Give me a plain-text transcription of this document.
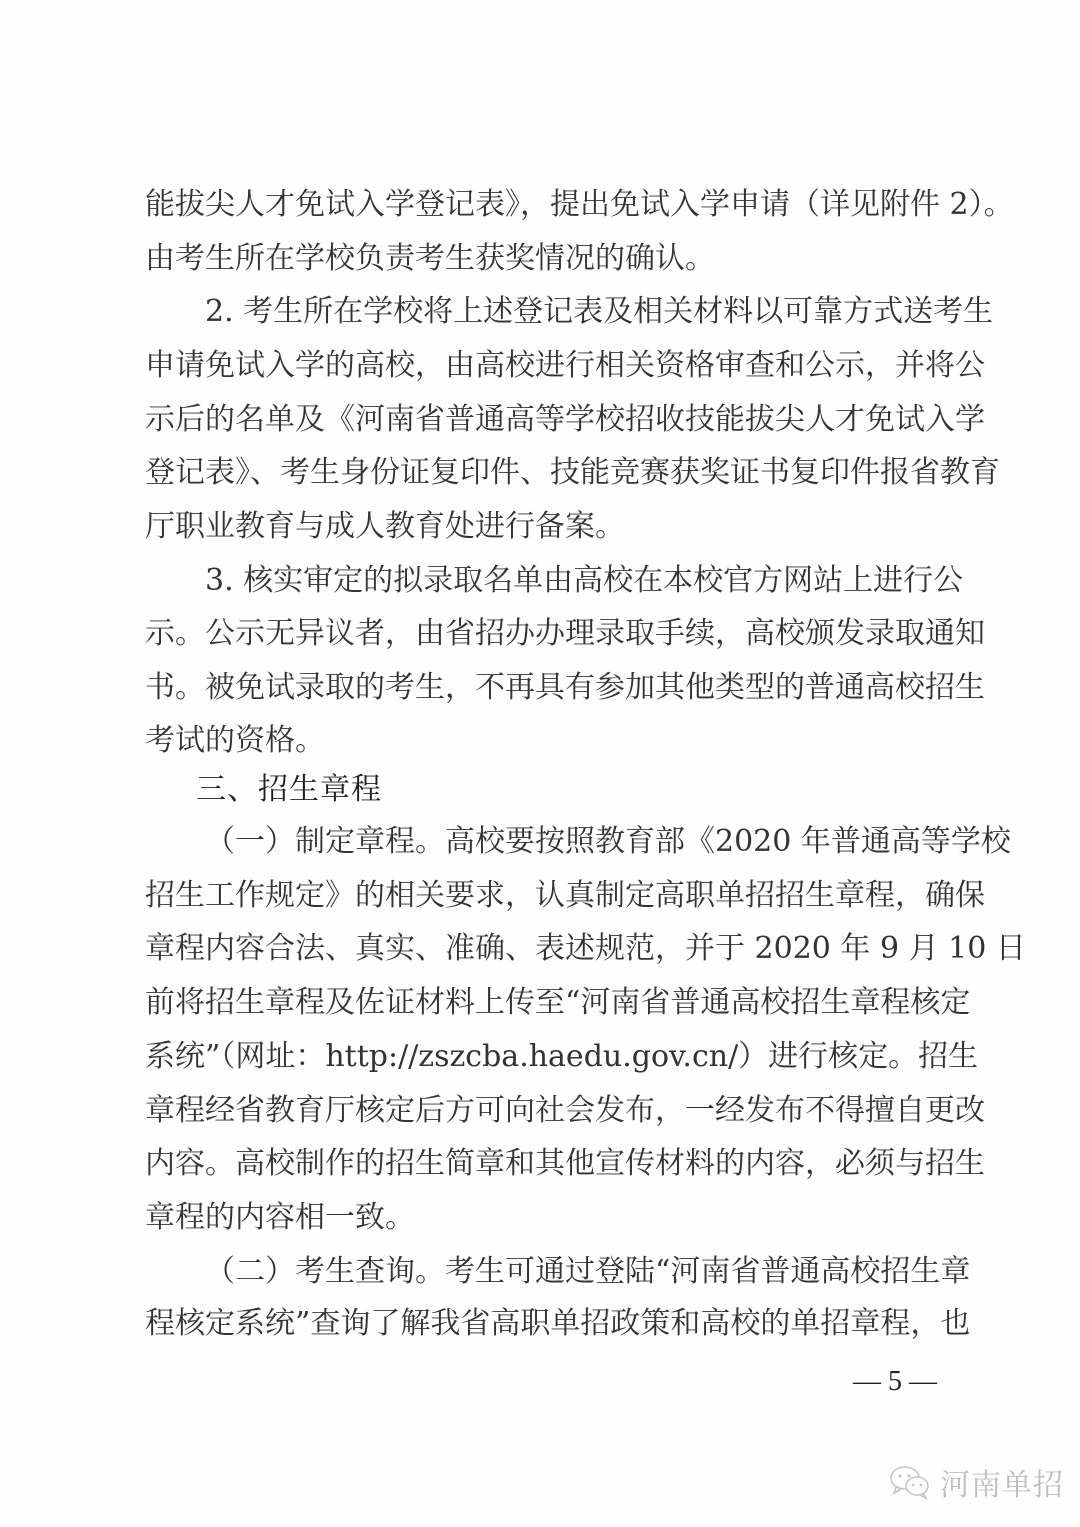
能拔尖人才免试入学登记表》，提出免试入学申请（详见附件 2）。
由考生所在学校负责考生获奖情况的确认。
2. 考生所在学校将上述登记表及相关材料以可靠方式送考生
申请免试入学的高校，由高校进行相关资格审查和公示，并将公
示后的名单及《河南省普通高等学校招收技能拔尖人才免试入学
登记表》、考生身份证复印件、技能竞赛获奖证书复印件报省教育
厅职业教育与成人教育处进行备案。
3. 核实审定的拟录取名单由高校在本校官方网站上进行公
示。公示无异议者，由省招办办理录取手续，高校颁发录取通知
书。被免试录取的考生，不再具有参加其他类型的普通高校招生
考试的资格。
三、招生章程
（一）制定章程。高校要按照教育部《2020 年普通高等学校
招生工作规定》的相关要求，认真制定高职单招招生章程，确保
章程内容合法、真实、准确、表述规范，并于 2020 年 9 月 10 日
前将招生章程及佐证材料上传至“河南省普通高校招生章程核定
系统”（网址：http://zszcba.haedu.gov.cn/）进行核定。招生
章程经省教育厅核定后方可向社会发布，一经发布不得擅自更改
内容。高校制作的招生简章和其他宣传材料的内容，必须与招生
章程的内容相一致。
（二）考生查询。考生可通过登陆“河南省普通高校招生章
程核定系统”查询了解我省高职单招政策和高校的单招章程，也
— 5 —
河南单招
